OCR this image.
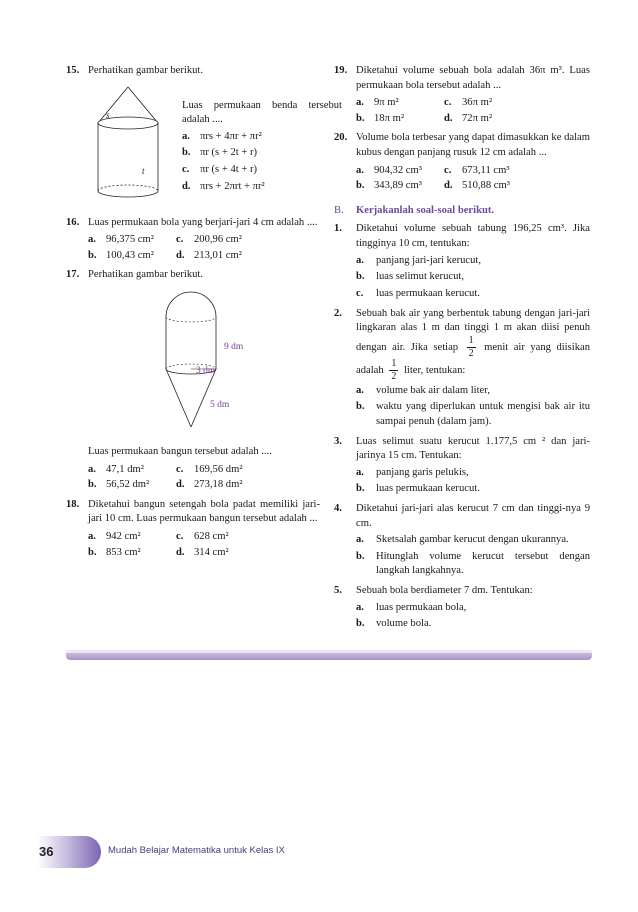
15. Perhatikan gambar berikut.
s
t
Luas permukaan benda tersebut adalah ....
a. πrs + 4πr + πr²
b. πr (s + 2t + r)
c. πr (s + 4t + r)
d. πrs + 2πrt + πr²
16. Luas permukaan bola yang berjari-jari 4 cm adalah ....
a. 96,375 cm²	c.	200,96 cm²
b. 100,43 cm²	d. 213,01 cm²
17. Perhatikan gambar berikut.
9 dm
3 dm
5 dm
Luas permukaan bangun tersebut adalah ....
a. 47,1 dm²	c.	169,56 dm²
b. 56,52 dm²	d. 273,18 dm²
18. Diketahui bangun setengah bola padat memiliki jari-jari 10 cm. Luas permukaan bangun tersebut adalah ...
a. 942 cm²	c.	628 cm²
b. 853 cm²	d. 314 cm²
19. Diketahui volume sebuah bola adalah 36π m³. Luas permukaan bola tersebut adalah ...
a. 9π m²	c.	36π m²
b. 18π m²	d. 72π m²
20. Volume bola terbesar yang dapat dimasukkan ke dalam kubus dengan panjang rusuk 12 cm adalah ...
a. 904,32 cm³	c.	673,11 cm³
b. 343,89 cm³	d. 510,88 cm³
B. Kerjakanlah soal-soal berikut.
1. Diketahui volume sebuah tabung 196,25 cm³. Jika tingginya 10 cm, tentukan:
a. panjang jari-jari kerucut,
b. luas selimut kerucut,
c. luas permukaan kerucut.
2. Sebuah bak air yang berbentuk tabung dengan jari-jari lingkaran alas 1 m dan tinggi 1 m akan diisi penuh dengan air. Jika setiap $\frac{1}{2}$ menit air yang diisikan adalah $\frac{1}{2}$ liter, tentukan:
a. volume bak air dalam liter,
b. waktu yang diperlukan untuk mengisi bak air itu sampai penuh (dalam jam).
3. Luas selimut suatu kerucut 1.177,5 cm ² dan jari-jarinya 15 cm. Tentukan:
a. panjang garis pelukis,
b. luas permukaan kerucut.
4. Diketahui jari-jari alas kerucut 7 cm dan tinggi-nya 9 cm.
a. Sketsalah gambar kerucut dengan ukurannya.
b. Hitunglah volume kerucut tersebut dengan langkah langkahnya.
5. Sebuah bola berdiameter 7 dm. Tentukan:
a. luas permukaan bola,
b. volume bola.
36	Mudah Belajar Matematika untuk Kelas IX
